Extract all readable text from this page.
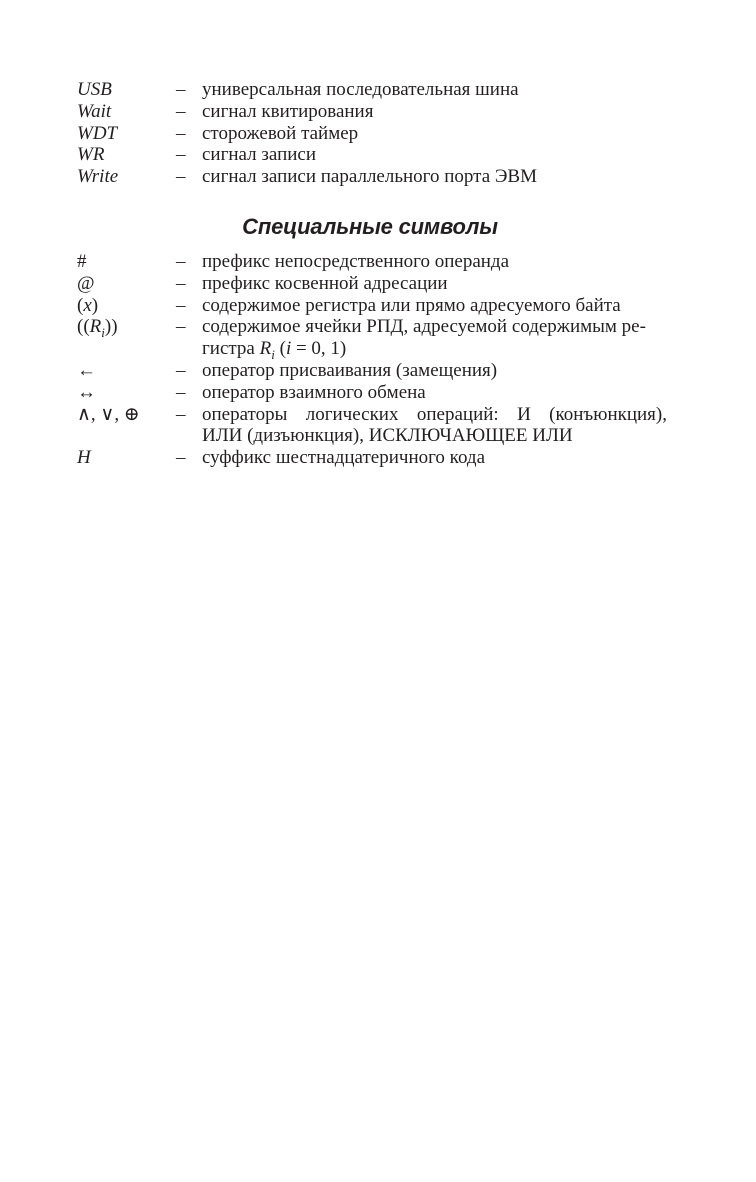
USB	– универсальная последовательная шина
Wait	– сигнал квитирования
WDT	– сторожевой таймер
WR	– сигнал записи
Write	– сигнал записи параллельного порта ЭВМ
Специальные символы
#	– префикс непосредственного операнда
@	– префикс косвенной адресации
(x)	– содержимое регистра или прямо адресуемого байта
$((R_i))$	– содержимое ячейки РПД, адресуемой содержимым ре-
гистра $R_i$ (i = 0, 1)
←	– оператор присваивания (замещения)
↔	– оператор взаимного обмена
∧, ∨, ⊕	– операторы логических операций: И (конъюнкция),
ИЛИ (дизъюнкция), ИСКЛЮЧАЮЩЕЕ ИЛИ
H	– суффикс шестнадцатеричного кода
